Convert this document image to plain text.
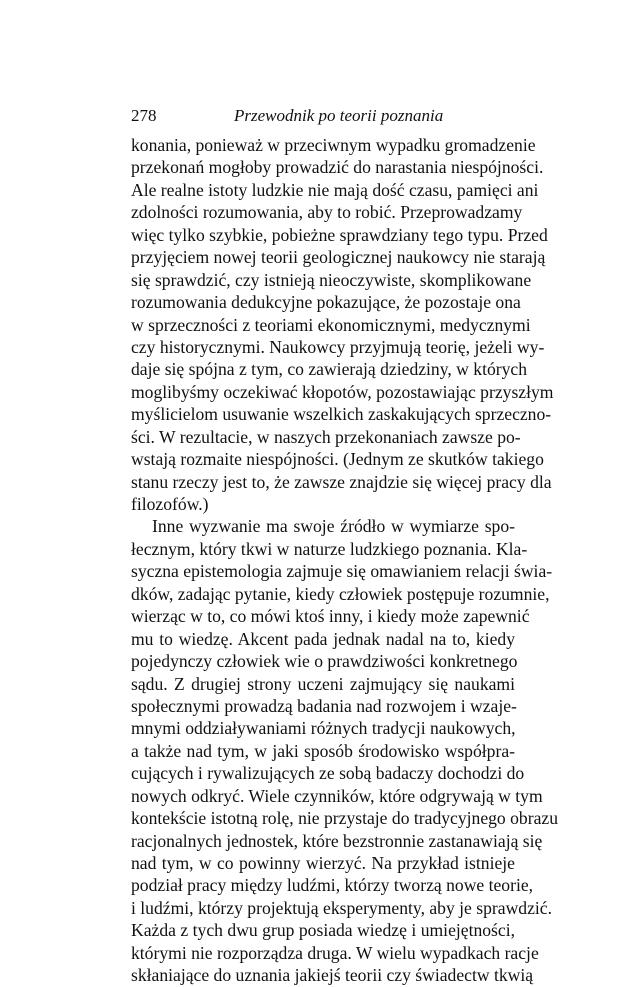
278	Przewodnik po teorii poznania
konania, ponieważ w przeciwnym wypadku gromadzenie
przekonań mogłoby prowadzić do narastania niespójności.
Ale realne istoty ludzkie nie mają dość czasu, pamięci ani
zdolności rozumowania, aby to robić. Przeprowadzamy
więc tylko szybkie, pobieżne sprawdziany tego typu. Przed
przyjęciem nowej teorii geologicznej naukowcy nie starają
się sprawdzić, czy istnieją nieoczywiste, skomplikowane
rozumowania dedukcyjne pokazujące, że pozostaje ona
w sprzeczności z teoriami ekonomicznymi, medycznymi
czy historycznymi. Naukowcy przyjmują teorię, jeżeli wy-
daje się spójna z tym, co zawierają dziedziny, w których
moglibyśmy oczekiwać kłopotów, pozostawiając przyszłym
myślicielom usuwanie wszelkich zaskakujących sprzeczno-
ści. W rezultacie, w naszych przekonaniach zawsze po-
wstają rozmaite niespójności. (Jednym ze skutków takiego
stanu rzeczy jest to, że zawsze znajdzie się więcej pracy dla
filozofów.)
Inne wyzwanie ma swoje źródło w wymiarze spo-
łecznym, który tkwi w naturze ludzkiego poznania. Kla-
syczna epistemologia zajmuje się omawianiem relacji świa-
dków, zadając pytanie, kiedy człowiek postępuje rozumnie,
wierząc w to, co mówi ktoś inny, i kiedy może zapewnić
mu to wiedzę. Akcent pada jednak nadal na to, kiedy
pojedynczy człowiek wie o prawdziwości konkretnego
sądu. Z drugiej strony uczeni zajmujący się naukami
społecznymi prowadzą badania nad rozwojem i wzaje-
mnymi oddziaływaniami różnych tradycji naukowych,
a także nad tym, w jaki sposób środowisko współpra-
cujących i rywalizujących ze sobą badaczy dochodzi do
nowych odkryć. Wiele czynników, które odgrywają w tym
kontekście istotną rolę, nie przystaje do tradycyjnego obrazu
racjonalnych jednostek, które bezstronnie zastanawiają się
nad tym, w co powinny wierzyć. Na przykład istnieje
podział pracy między ludźmi, którzy tworzą nowe teorie,
i ludźmi, którzy projektują eksperymenty, aby je sprawdzić.
Każda z tych dwu grup posiada wiedzę i umiejętności,
którymi nie rozporządza druga. W wielu wypadkach racje
skłaniające do uznania jakiejś teorii czy świadectw tkwią
